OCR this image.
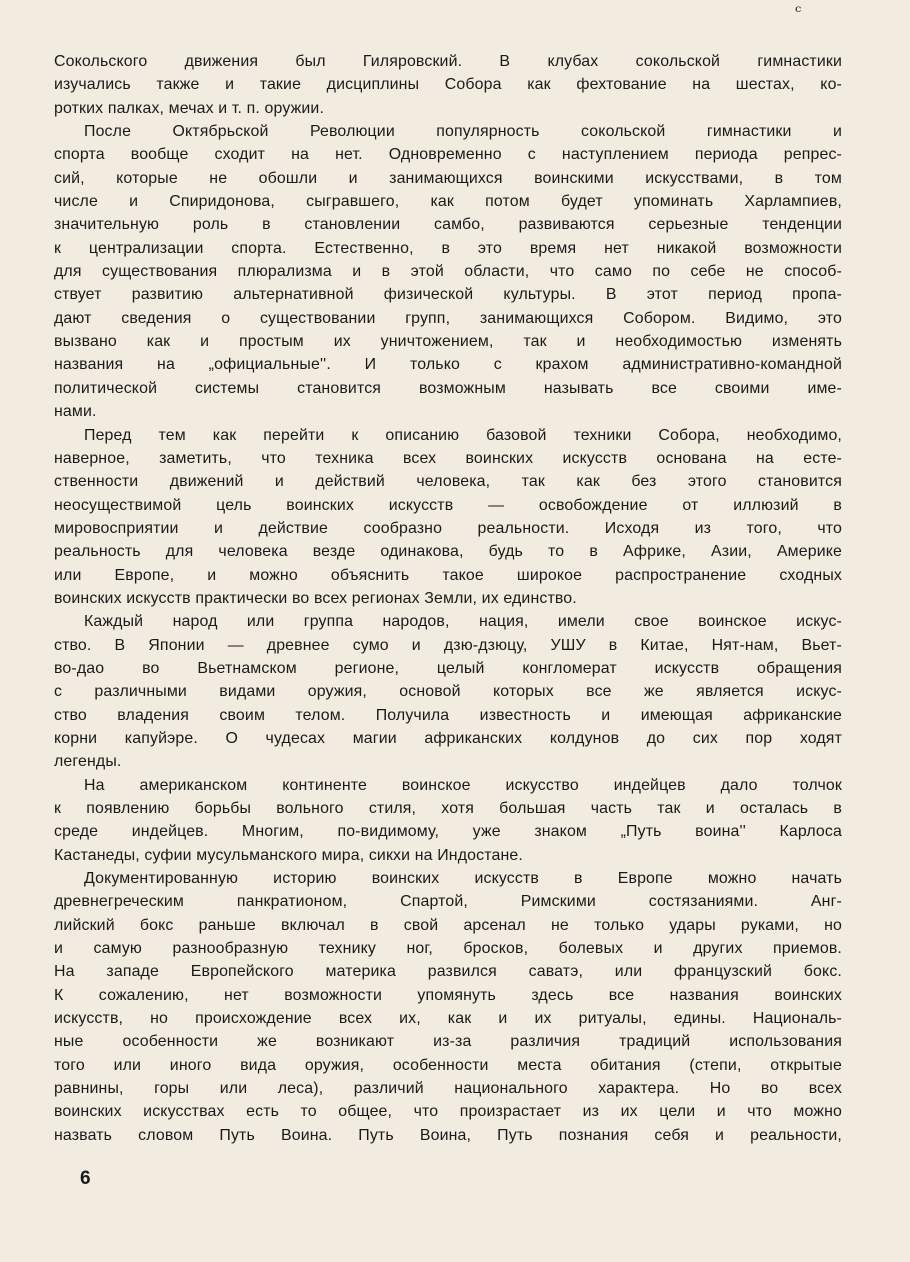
ᶜ
Сокольского движения был Гиляровский. В клубах сокольской гимнастики
изучались также и такие дисциплины Собора как фехтование на шестах, ко-
ротких палках, мечах и т. п. оружии.
После Октябрьской Революции популярность сокольской гимнастики и
спорта вообще сходит на нет. Одновременно с наступлением периода репрес-
сий, которые не обошли и занимающихся воинскими искусствами, в том
числе и Спиридонова, сыгравшего, как потом будет упоминать Харлампиев,
значительную роль в становлении самбо, развиваются серьезные тенденции
к централизации спорта. Естественно, в это время нет никакой возможности
для существования плюрализма и в этой области, что само по себе не способ-
ствует развитию альтернативной физической культуры. В этот период пропа-
дают сведения о существовании групп, занимающихся Собором. Видимо, это
вызвано как и простым их уничтожением, так и необходимостью изменять
названия на „официальные''. И только с крахом административно-командной
политической системы становится возможным называть все своими име-
нами.
Перед тем как перейти к описанию базовой техники Собора, необходимо,
наверное, заметить, что техника всех воинских искусств основана на есте-
ственности движений и действий человека, так как без этого становится
неосуществимой цель воинских искусств — освобождение от иллюзий в
мировосприятии и действие сообразно реальности. Исходя из того, что
реальность для человека везде одинакова, будь то в Африке, Азии, Америке
или Европе, и можно объяснить такое широкое распространение сходных
воинских искусств практически во всех регионах Земли, их единство.
Каждый народ или группа народов, нация, имели свое воинское искус-
ство. В Японии — древнее сумо и дзю-дзюцу, УШУ в Китае, Нят-нам, Вьет-
во-дао во Вьетнамском регионе, целый конгломерат искусств обращения
с различными видами оружия, основой которых все же является искус-
ство владения своим телом. Получила известность и имеющая африканские
корни капуйэре. О чудесах магии африканских колдунов до сих пор ходят
легенды.
На американском континенте воинское искусство индейцев дало толчок
к появлению борьбы вольного стиля, хотя большая часть так и осталась в
среде индейцев. Многим, по-видимому, уже знаком „Путь воина'' Карлоса
Кастанеды, суфии мусульманского мира, сикхи на Индостане.
Документированную историю воинских искусств в Европе можно начать
древнегреческим панкратионом, Спартой, Римскими состязаниями. Анг-
лийский бокс раньше включал в свой арсенал не только удары руками, но
и самую разнообразную технику ног, бросков, болевых и других приемов.
На западе Европейского материка развился саватэ, или французский бокс.
К сожалению, нет возможности упомянуть здесь все названия воинских
искусств, но происхождение всех их, как и их ритуалы, едины. Националь-
ные особенности же возникают из-за различия традиций использования
того или иного вида оружия, особенности места обитания (степи, открытые
равнины, горы или леса), различий национального характера. Но во всех
воинских искусствах есть то общее, что произрастает из их цели и что можно
назвать словом Путь Воина. Путь Воина, Путь познания себя и реальности,
6
